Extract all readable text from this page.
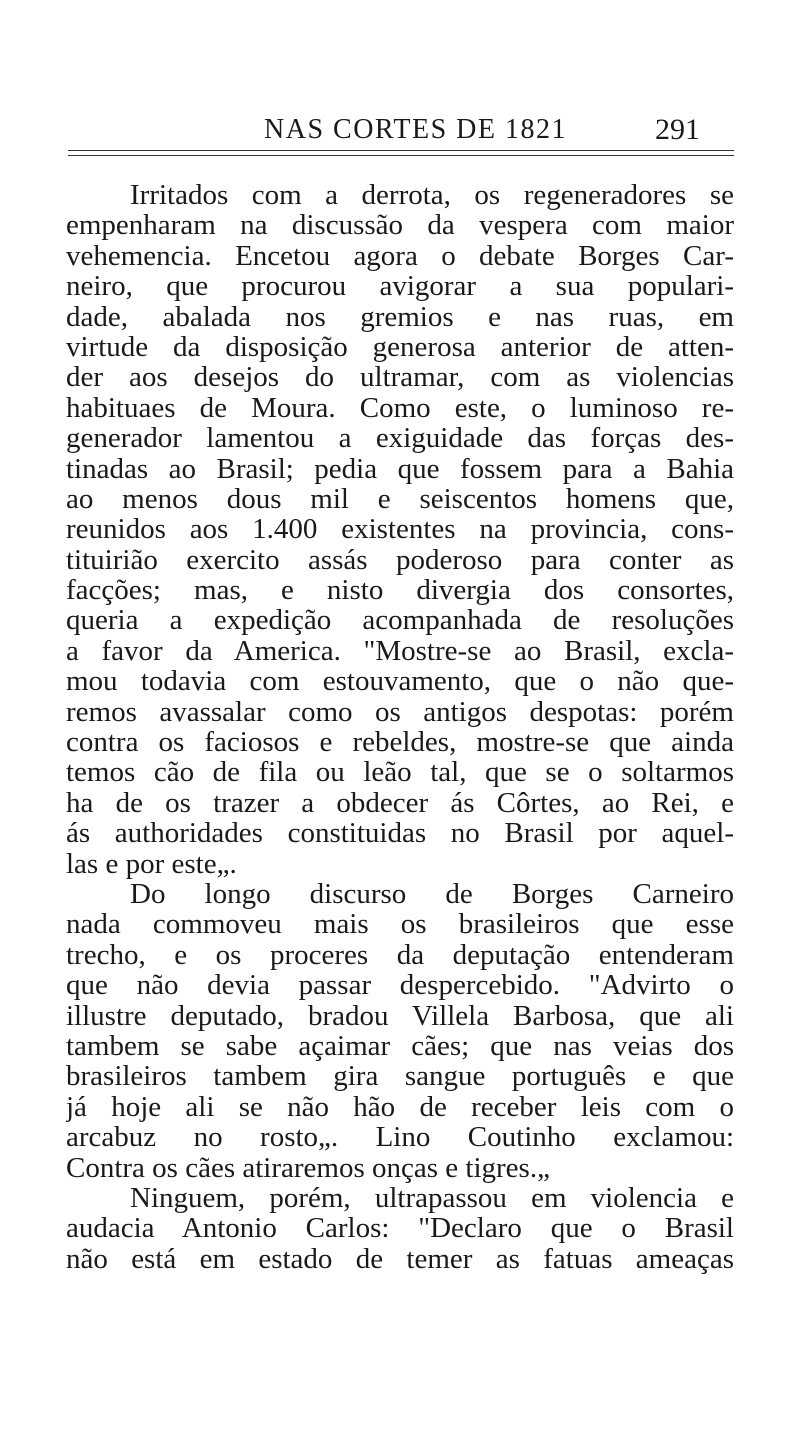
NAS CORTES DE 1821	291
Irritados com a derrota, os regeneradores se
empenharam na discussão da vespera com maior
vehemencia. Encetou agora o debate Borges Car-
neiro, que procurou avigorar a sua populari-
dade, abalada nos gremios e nas ruas, em
virtude da disposição generosa anterior de atten-
der aos desejos do ultramar, com as violencias
habituaes de Moura. Como este, o luminoso re-
generador lamentou a exiguidade das forças des-
tinadas ao Brasil; pedia que fossem para a Bahia
ao menos dous mil e seiscentos homens que,
reunidos aos 1.400 existentes na provincia, cons-
tituirião exercito assás poderoso para conter as
facções; mas, e nisto divergia dos consortes,
queria a expedição acompanhada de resoluções
a favor da America. "Mostre-se ao Brasil, excla-
mou todavia com estouvamento, que o não que-
remos avassalar como os antigos despotas: porém
contra os faciosos e rebeldes, mostre-se que ainda
temos cão de fila ou leão tal, que se o soltarmos
ha de os trazer a obdecer ás Côrtes, ao Rei, e
ás authoridades constituidas no Brasil por aquel-
las e por este„.
Do longo discurso de Borges Carneiro
nada commoveu mais os brasileiros que esse
trecho, e os proceres da deputação entenderam
que não devia passar despercebido. "Advirto o
illustre deputado, bradou Villela Barbosa, que ali
tambem se sabe açaimar cães; que nas veias dos
brasileiros tambem gira sangue português e que
já hoje ali se não hão de receber leis com o
arcabuz no rosto„. Lino Coutinho exclamou:
Contra os cães atiraremos onças e tigres.„
Ninguem, porém, ultrapassou em violencia e
audacia Antonio Carlos: "Declaro que o Brasil
não está em estado de temer as fatuas ameaças
